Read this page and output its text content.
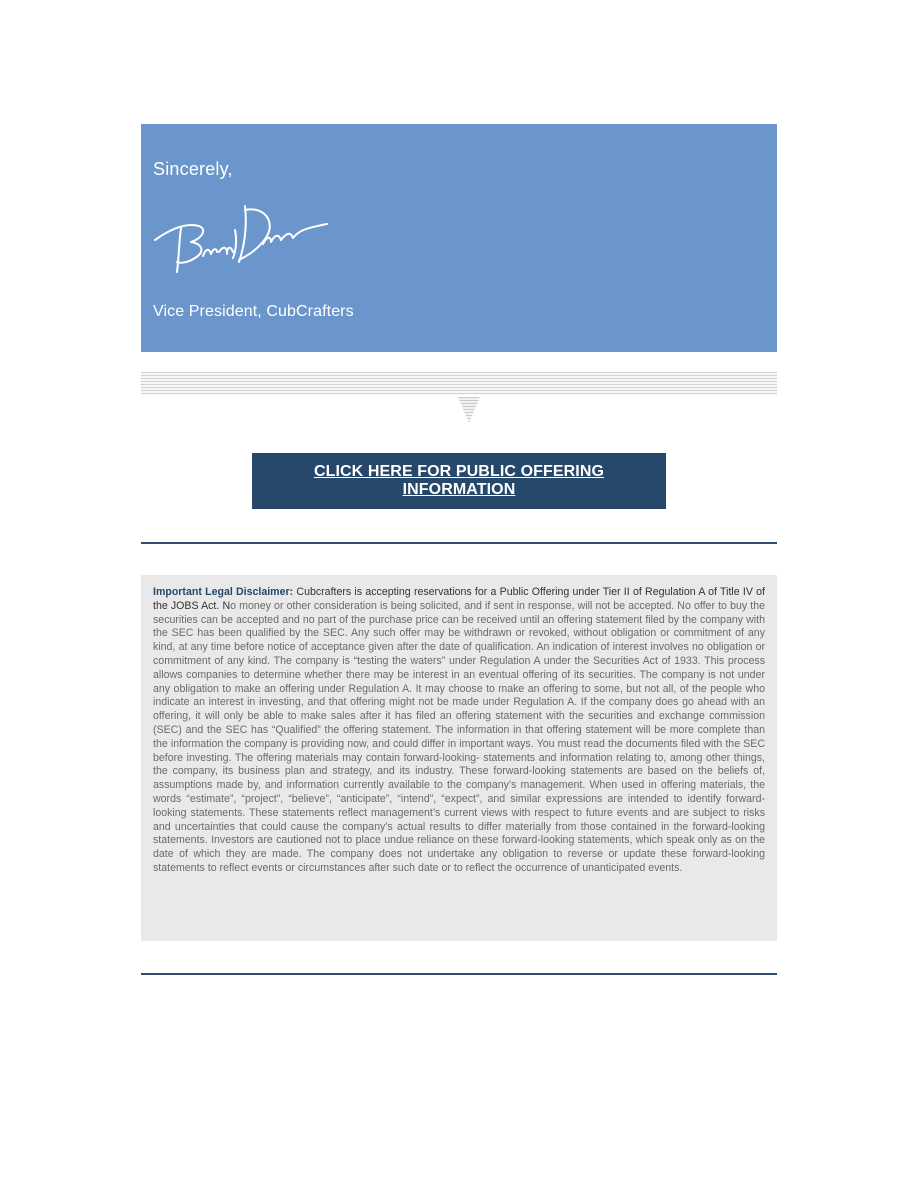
Sincerely,
Vice President, CubCrafters
CLICK HERE FOR PUBLIC OFFERING INFORMATION

Important Legal Disclaimer: Cubcrafters is accepting reservations for a Public Offering under Tier II of Regulation A of Title IV of the JOBS Act. No money or other consideration is being solicited, and if sent in response, will not be accepted. No offer to buy the securities can be accepted and no part of the purchase price can be received until an offering statement filed by the company with the SEC has been qualified by the SEC. Any such offer may be withdrawn or revoked, without obligation or commitment of any kind, at any time before notice of acceptance given after the date of qualification. An indication of interest involves no obligation or commitment of any kind. The company is “testing the waters” under Regulation A under the Securities Act of 1933. This process allows companies to determine whether there may be interest in an eventual offering of its securities. The company is not under any obligation to make an offering under Regulation A. It may choose to make an offering to some, but not all, of the people who indicate an interest in investing, and that offering might not be made under Regulation A. If the company does go ahead with an offering, it will only be able to make sales after it has filed an offering statement with the securities and exchange commission (SEC) and the SEC has “Qualified” the offering statement. The information in that offering statement will be more complete than the information the company is providing now, and could differ in important ways. You must read the documents filed with the SEC before investing. The offering materials may contain forward-looking- statements and information relating to, among other things, the company, its business plan and strategy, and its industry. These forward-looking statements are based on the beliefs of, assumptions made by, and information currently available to the company’s management. When used in offering materials, the words “estimate”, “project”, “believe”, “anticipate”, “intend”, “expect”, and similar expressions are intended to identify forward-looking statements. These statements reflect management’s current views with respect to future events and are subject to risks and uncertainties that could cause the company’s actual results to differ materially from those contained in the forward-looking statements. Investors are cautioned not to place undue reliance on these forward-looking statements, which speak only as on the date of which they are made. The company does not undertake any obligation to reverse or update these forward-looking statements to reflect events or circumstances after such date or to reflect the occurrence of unanticipated events.
